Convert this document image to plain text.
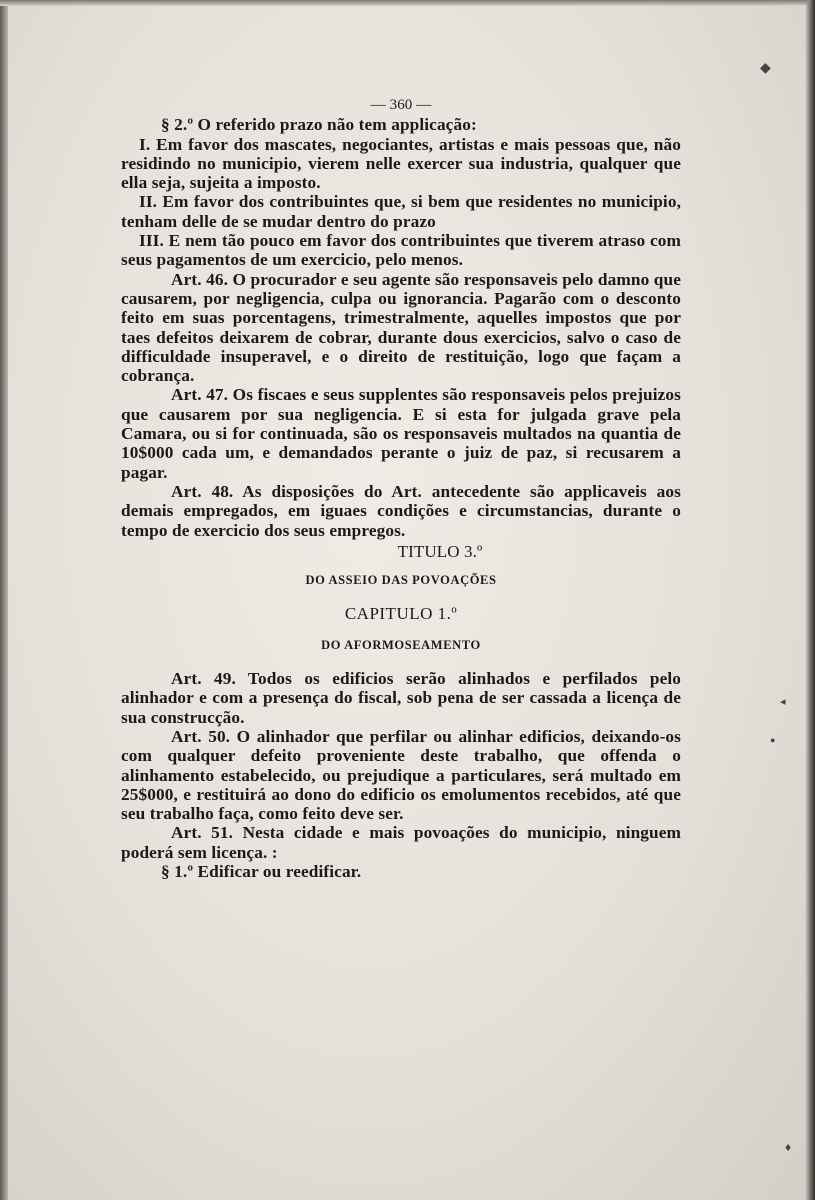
◆
◂
●
♦

— 360 —

§ 2.º O referido prazo não tem applicação:

I. Em favor dos mascates, negociantes, artistas e mais pessoas que, não residindo no municipio, vierem nelle exercer sua industria, qualquer que ella seja, sujeita a imposto.

II. Em favor dos contribuintes que, si bem que residentes no municipio, tenham delle de se mudar dentro do prazo

III. E nem tão pouco em favor dos contribuintes que tiverem atraso com seus pagamentos de um exercicio, pelo menos.

Art. 46. O procurador e seu agente são responsaveis pelo damno que causarem, por negligencia, culpa ou ignorancia. Pagarão com o desconto feito em suas porcentagens, trimestralmente, aquelles impostos que por taes defeitos deixarem de cobrar, durante dous exercicios, salvo o caso de difficuldade insuperavel, e o direito de restituição, logo que façam a cobrança.

Art. 47. Os fiscaes e seus supplentes são responsaveis pelos prejuizos que causarem por sua negligencia. E si esta for julgada grave pela Camara, ou si for continuada, são os responsaveis multados na quantia de 10$000 cada um, e demandados perante o juiz de paz, si recusarem a pagar.

Art. 48. As disposições do Art. antecedente são applicaveis aos demais empregados, em iguaes condições e circumstancias, durante o tempo de exercicio dos seus empregos.

TITULO 3.º

DO ASSEIO DAS POVOAÇÕES

CAPITULO 1.º

DO AFORMOSEAMENTO

Art. 49. Todos os edificios serão alinhados e perfilados pelo alinhador e com a presença do fiscal, sob pena de ser cassada a licença de sua construcção.

Art. 50. O alinhador que perfilar ou alinhar edificios, deixando-os com qualquer defeito proveniente deste trabalho, que offenda o alinhamento estabelecido, ou prejudique a particulares, será multado em 25$000, e restituirá ao dono do edificio os emolumentos recebidos, até que seu trabalho faça, como feito deve ser.

Art. 51. Nesta cidade e mais povoações do municipio, ninguem poderá sem licença. :

§ 1.º Edificar ou reedificar.
